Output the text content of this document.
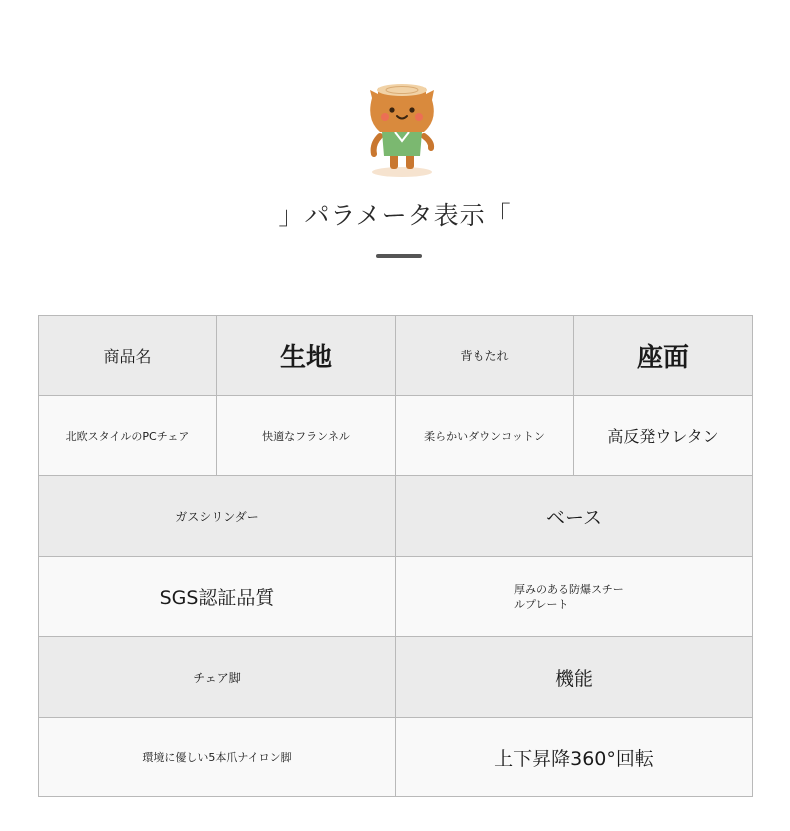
」パラメータ表示「
商品名	生地	背もたれ	座面
北欧スタイルのPCチェア	快適なフランネル	柔らかいダウンコットン	高反発ウレタン
ガスシリンダー		ベース	
SGS認証品質		厚みのある防爆スチールプレート	
チェア脚		機能	
環境に優しい5本爪ナイロン脚		上下昇降360°回転	
